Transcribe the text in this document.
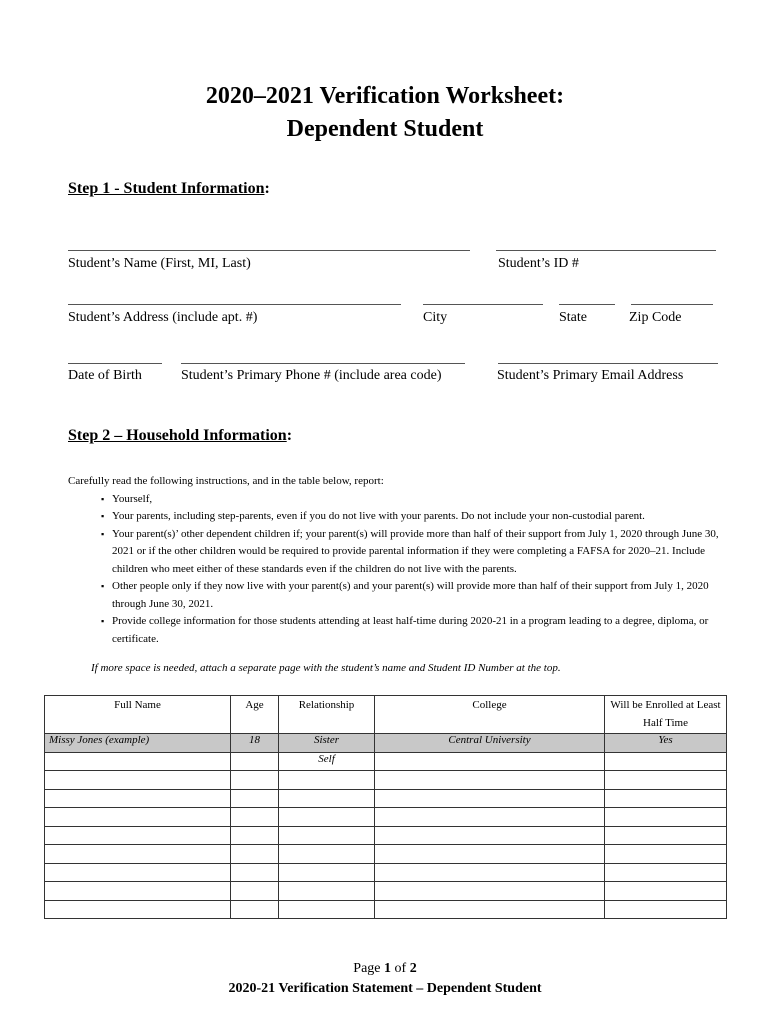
2020–2021 Verification Worksheet:
Dependent Student
Step 1 - Student Information:
Student’s Name (First, MI, Last)	Student’s ID #
Student’s Address (include apt. #)	City	State	Zip Code
Date of Birth	Student’s Primary Phone # (include area code)	Student’s Primary Email Address
Step 2 – Household Information:

Carefully read the following instructions, and in the table below, report:

▪ Yourself,
▪ Your parents, including step-parents, even if you do not live with your parents. Do not include your non-custodial parent.
▪ Your parent(s)’ other dependent children if; your parent(s) will provide more than half of their support from July 1, 2020 through June 30, 2021 or if the other children would be required to provide parental information if they were completing a FAFSA for 2020–21. Include children who meet either of these standards even if the children do not live with the parents.
▪ Other people only if they now live with your parent(s) and your parent(s) will provide more than half of their support from July 1, 2020 through June 30, 2021.
▪ Provide college information for those students attending at least half-time during 2020-21 in a program leading to a degree, diploma, or certificate.
If more space is needed, attach a separate page with the student’s name and Student ID Number at the top.
Full Name	Age	Relationship	College	Will be Enrolled at Least Half Time
Missy Jones (example)	18	Sister	Central University	Yes
		Self		

Page 1 of 2
2020-21 Verification Statement – Dependent Student
